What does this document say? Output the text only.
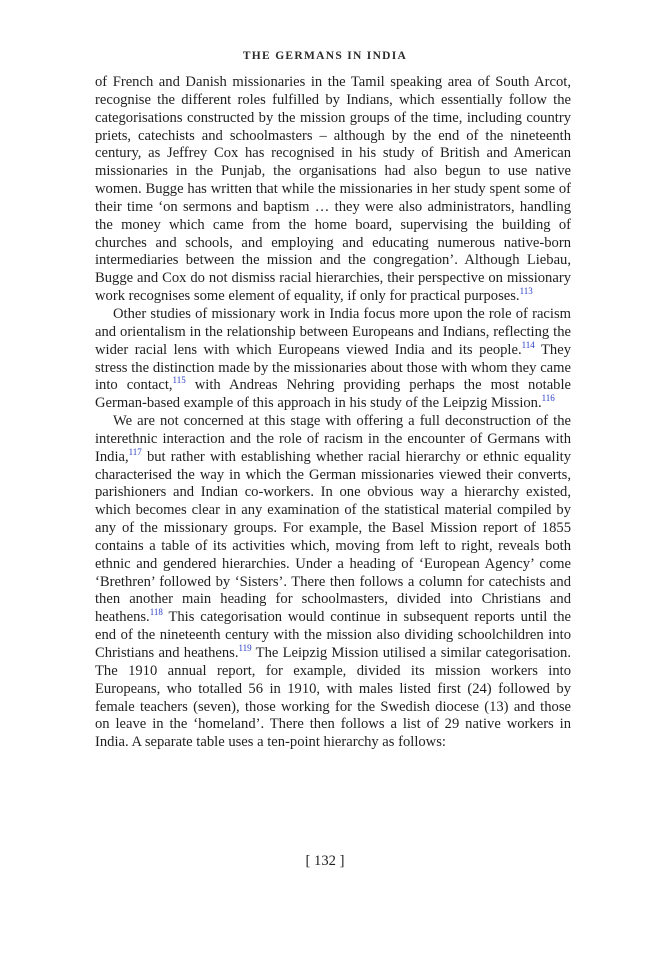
THE GERMANS IN INDIA

of French and Danish missionaries in the Tamil speaking area of South Arcot, recognise the different roles fulfilled by Indians, which essentially follow the categorisations constructed by the mission groups of the time, including country priets, catechists and schoolmasters – although by the end of the nineteenth century, as Jeffrey Cox has recognised in his study of British and American missionaries in the Punjab, the organisations had also begun to use native women. Bugge has written that while the missionaries in her study spent some of their time ‘on sermons and baptism … they were also administrators, handling the money which came from the home board, supervising the building of churches and schools, and employing and educating numerous native-born intermediaries between the mission and the congregation’. Although Liebau, Bugge and Cox do not dismiss racial hierarchies, their perspective on missionary work recognises some element of equality, if only for practical purposes.$^{113}$

Other studies of missionary work in India focus more upon the role of racism and orientalism in the relationship between Europeans and Indians, reflecting the wider racial lens with which Europeans viewed India and its people.$^{114}$ They stress the distinction made by the missionaries about those with whom they came into contact,$^{115}$ with Andreas Nehring providing perhaps the most notable German-based example of this approach in his study of the Leipzig Mission.$^{116}$

We are not concerned at this stage with offering a full deconstruction of the interethnic interaction and the role of racism in the encounter of Germans with India,$^{117}$ but rather with establishing whether racial hierarchy or ethnic equality characterised the way in which the German missionaries viewed their converts, parishioners and Indian co-workers. In one obvious way a hierarchy existed, which becomes clear in any examination of the statistical material compiled by any of the missionary groups. For example, the Basel Mission report of 1855 contains a table of its activities which, moving from left to right, reveals both ethnic and gendered hierarchies. Under a heading of ‘European Agency’ come ‘Brethren’ followed by ‘Sisters’. There then follows a column for catechists and then another main heading for schoolmasters, divided into Christians and heathens.$^{118}$ This categorisation would continue in subsequent reports until the end of the nineteenth century with the mission also dividing schoolchildren into Christians and heathens.$^{119}$ The Leipzig Mission utilised a similar categorisation. The 1910 annual report, for example, divided its mission workers into Europeans, who totalled 56 in 1910, with males listed first (24) followed by female teachers (seven), those working for the Swedish diocese (13) and those on leave in the ‘homeland’. There then follows a list of 29 native workers in India. A separate table uses a ten-point hierarchy as follows:

[ 132 ]
